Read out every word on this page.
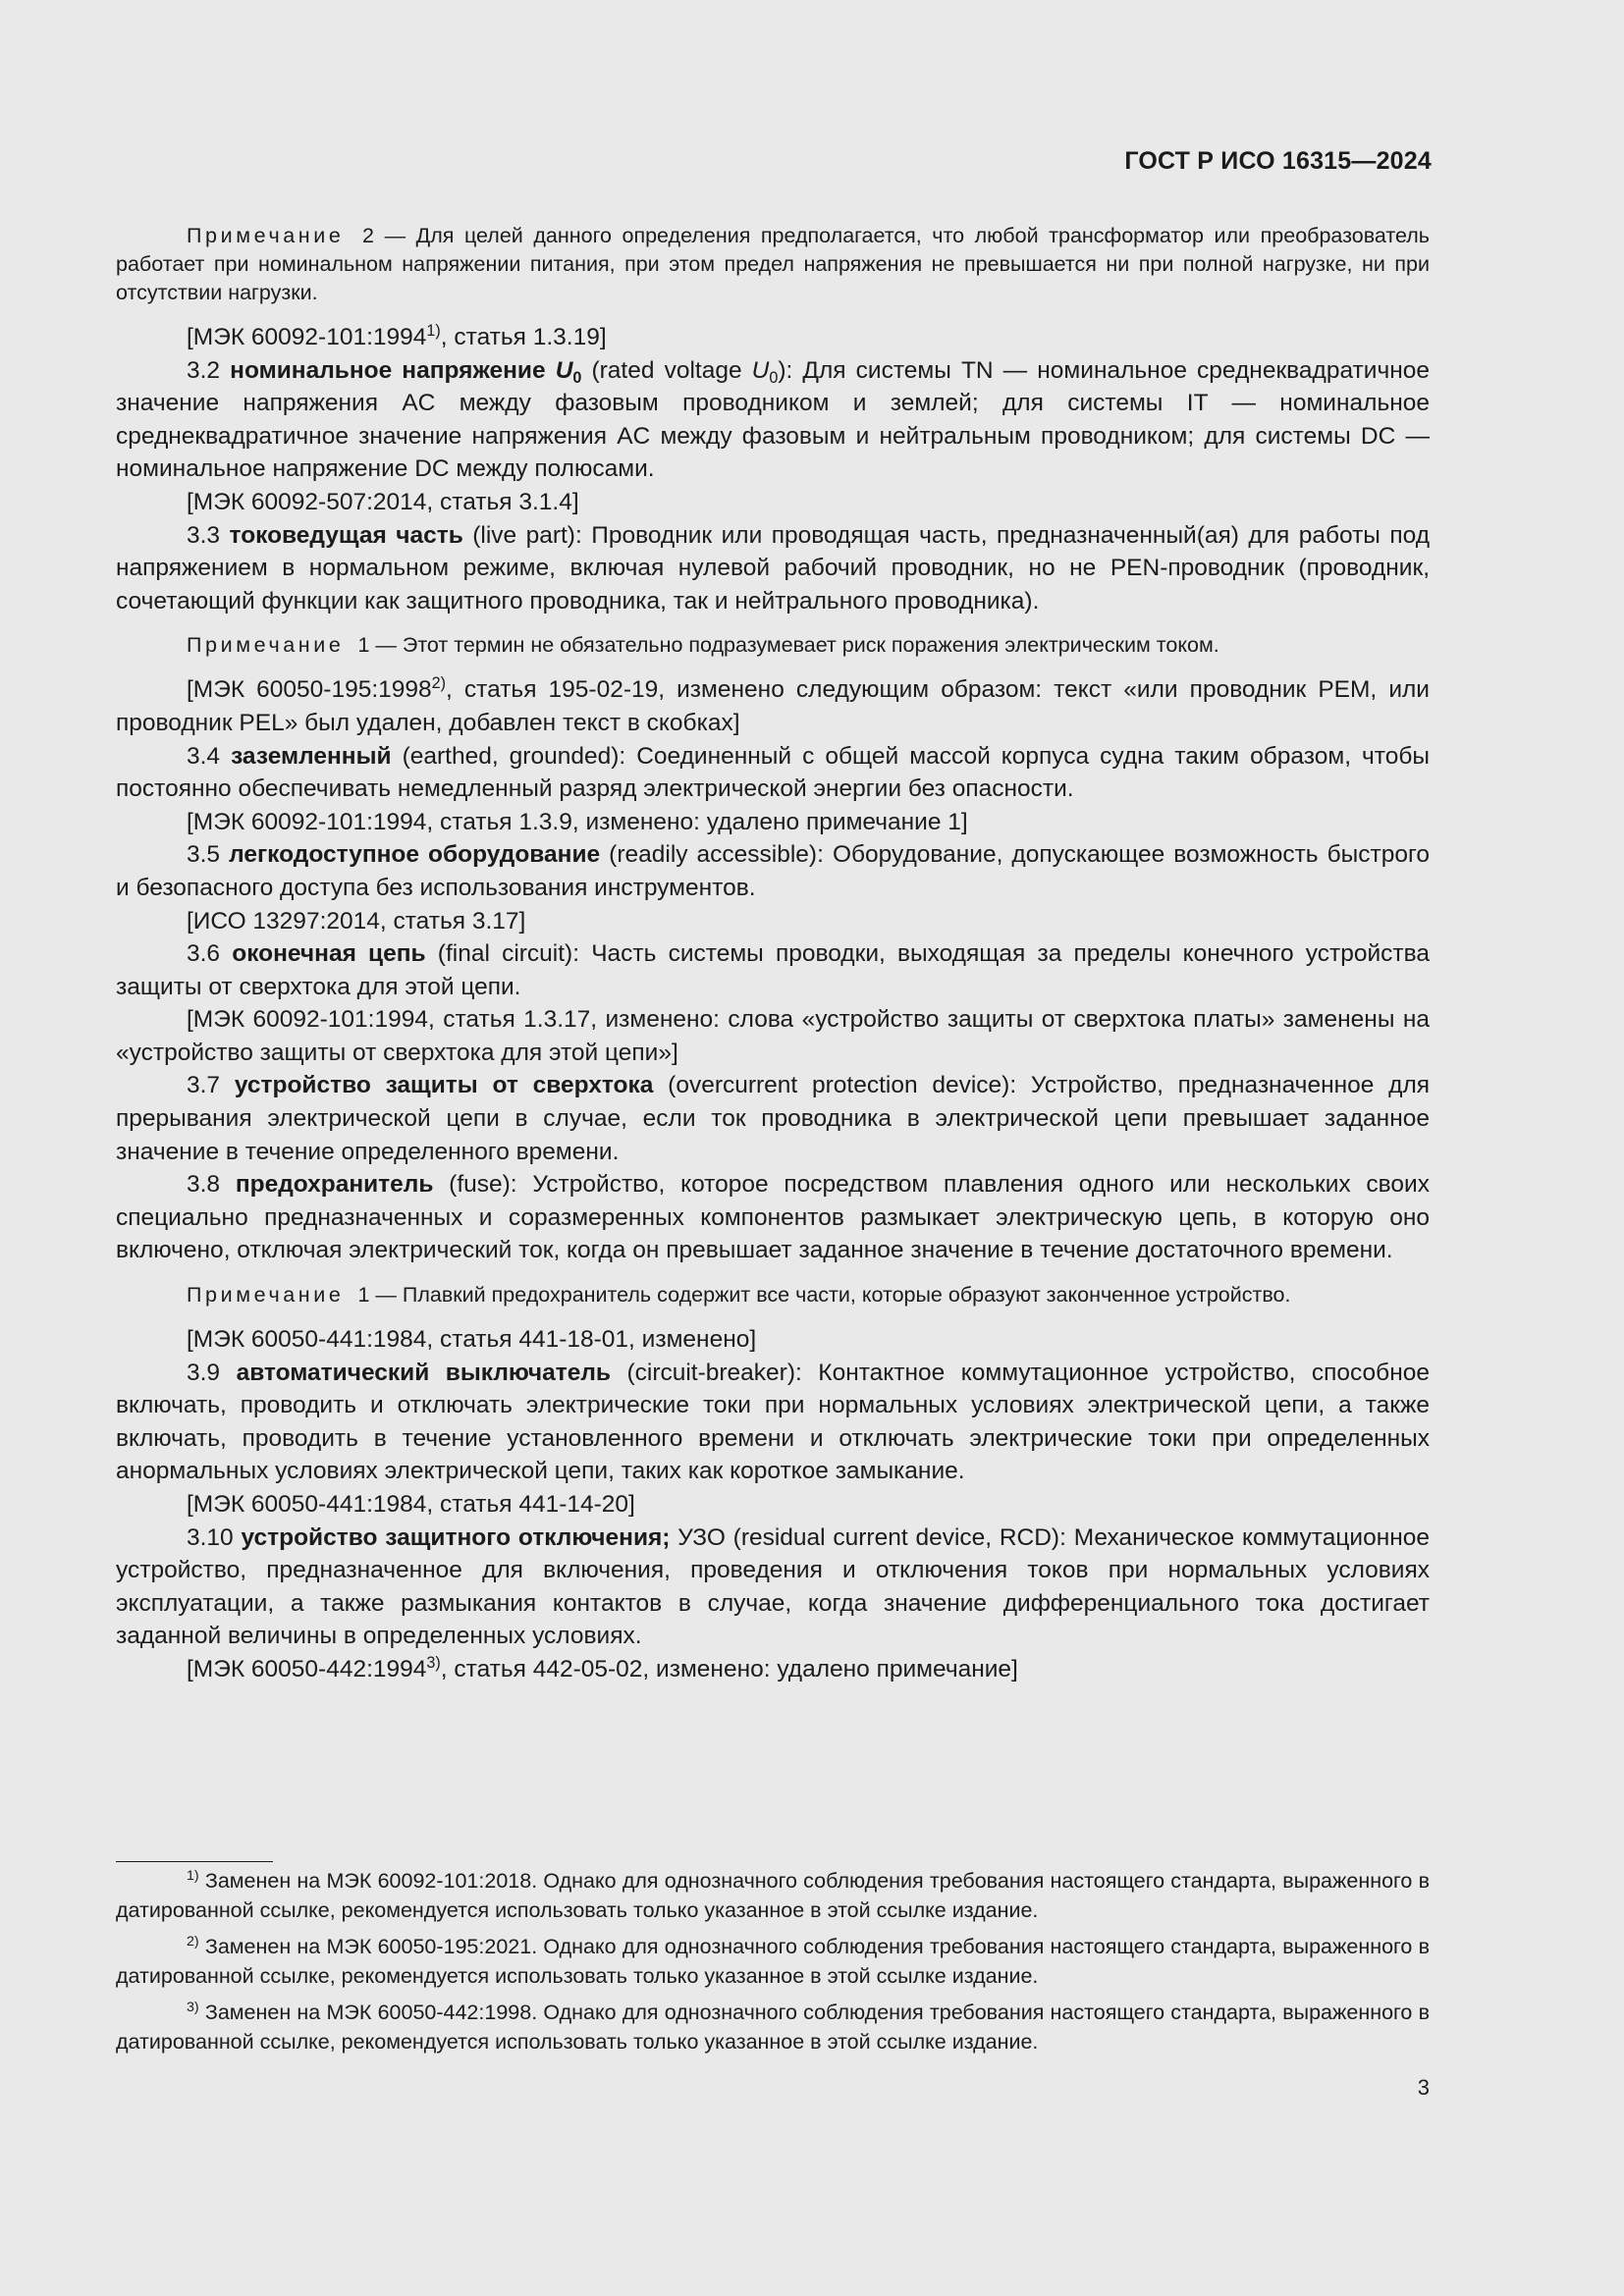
ГОСТ Р ИСО 16315—2024

Примечание 2 — Для целей данного определения предполагается, что любой трансформатор или преобразователь работает при номинальном напряжении питания, при этом предел напряжения не превышается ни при полной нагрузке, ни при отсутствии нагрузки.

[МЭК 60092-101:1994$^{1)}$, статья 1.3.19]

3.2 номинальное напряжение $U_0$ (rated voltage $U_0$): Для системы TN — номинальное среднеквадратичное значение напряжения AC между фазовым проводником и землей; для системы IT — номинальное среднеквадратичное значение напряжения AC между фазовым и нейтральным проводником; для системы DC — номинальное напряжение DC между полюсами.

[МЭК 60092-507:2014, статья 3.1.4]

3.3 токоведущая часть (live part): Проводник или проводящая часть, предназначенный(ая) для работы под напряжением в нормальном режиме, включая нулевой рабочий проводник, но не PEN-проводник (проводник, сочетающий функции как защитного проводника, так и нейтрального проводника).

Примечание 1 — Этот термин не обязательно подразумевает риск поражения электрическим током.

[МЭК 60050-195:1998$^{2)}$, статья 195-02-19, изменено следующим образом: текст «или проводник PEM, или проводник PEL» был удален, добавлен текст в скобках]

3.4 заземленный (earthed, grounded): Соединенный с общей массой корпуса судна таким образом, чтобы постоянно обеспечивать немедленный разряд электрической энергии без опасности.

[МЭК 60092-101:1994, статья 1.3.9, изменено: удалено примечание 1]

3.5 легкодоступное оборудование (readily accessible): Оборудование, допускающее возможность быстрого и безопасного доступа без использования инструментов.

[ИСО 13297:2014, статья 3.17]

3.6 оконечная цепь (final circuit): Часть системы проводки, выходящая за пределы конечного устройства защиты от сверхтока для этой цепи.

[МЭК 60092-101:1994, статья 1.3.17, изменено: слова «устройство защиты от сверхтока платы» заменены на «устройство защиты от сверхтока для этой цепи»]

3.7 устройство защиты от сверхтока (overcurrent protection device): Устройство, предназначенное для прерывания электрической цепи в случае, если ток проводника в электрической цепи превышает заданное значение в течение определенного времени.

3.8 предохранитель (fuse): Устройство, которое посредством плавления одного или нескольких своих специально предназначенных и соразмеренных компонентов размыкает электрическую цепь, в которую оно включено, отключая электрический ток, когда он превышает заданное значение в течение достаточного времени.

Примечание 1 — Плавкий предохранитель содержит все части, которые образуют законченное устройство.

[МЭК 60050-441:1984, статья 441-18-01, изменено]

3.9 автоматический выключатель (circuit-breaker): Контактное коммутационное устройство, способное включать, проводить и отключать электрические токи при нормальных условиях электрической цепи, а также включать, проводить в течение установленного времени и отключать электрические токи при определенных анормальных условиях электрической цепи, таких как короткое замыкание.

[МЭК 60050-441:1984, статья 441-14-20]

3.10 устройство защитного отключения; УЗО (residual current device, RCD): Механическое коммутационное устройство, предназначенное для включения, проведения и отключения токов при нормальных условиях эксплуатации, а также размыкания контактов в случае, когда значение дифференциального тока достигает заданной величины в определенных условиях.

[МЭК 60050-442:1994$^{3)}$, статья 442-05-02, изменено: удалено примечание]

$^{1)}$ Заменен на МЭК 60092-101:2018. Однако для однозначного соблюдения требования настоящего стандарта, выраженного в датированной ссылке, рекомендуется использовать только указанное в этой ссылке издание.

$^{2)}$ Заменен на МЭК 60050-195:2021. Однако для однозначного соблюдения требования настоящего стандарта, выраженного в датированной ссылке, рекомендуется использовать только указанное в этой ссылке издание.

$^{3)}$ Заменен на МЭК 60050-442:1998. Однако для однозначного соблюдения требования настоящего стандарта, выраженного в датированной ссылке, рекомендуется использовать только указанное в этой ссылке издание.

3
